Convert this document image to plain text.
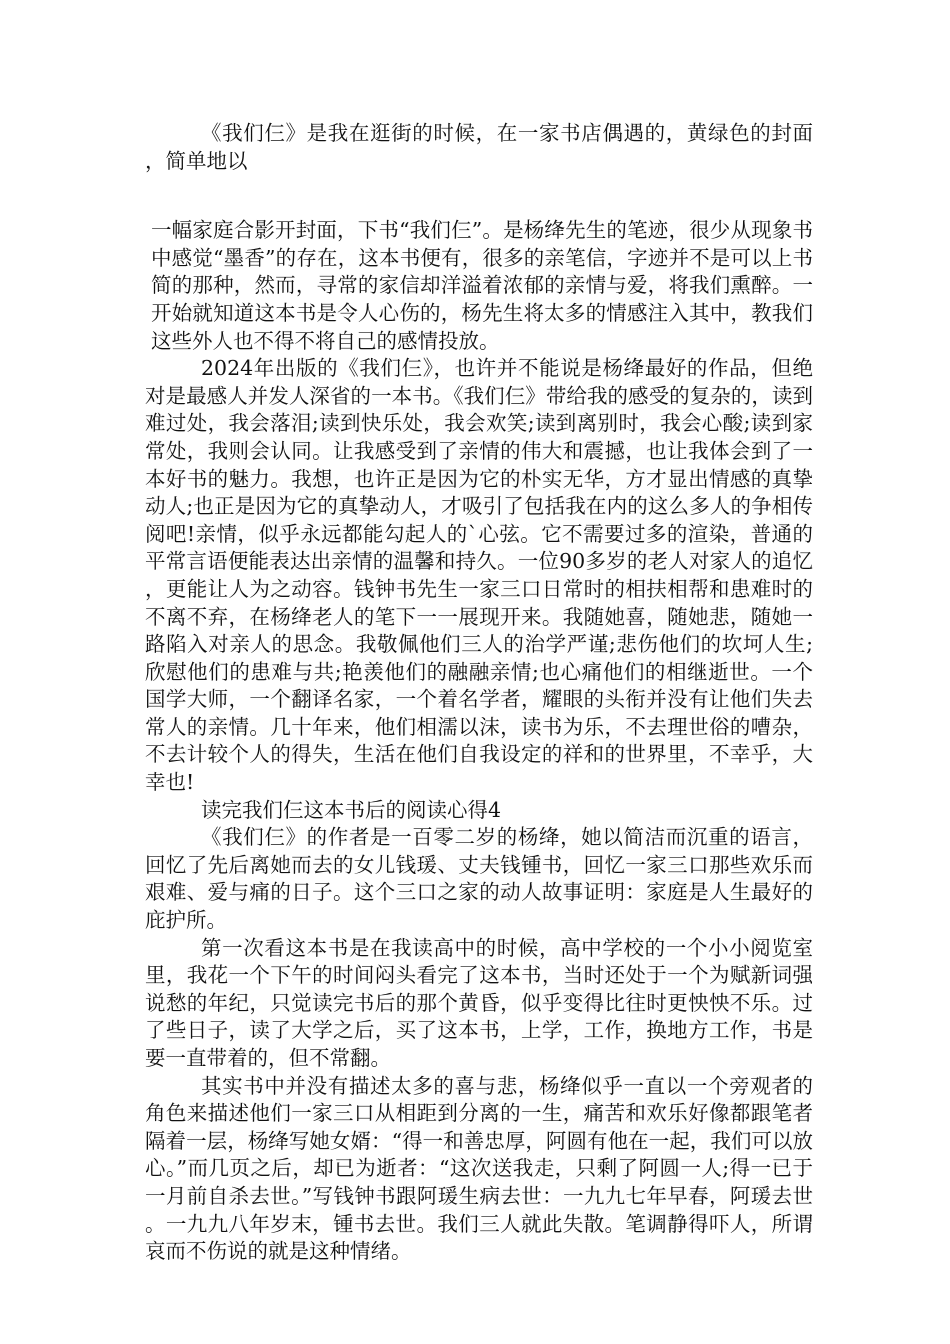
《我们仨》是我在逛街的时候，在一家书店偶遇的，黄绿色的封面，简单地以

一幅家庭合影开封面，下书“我们仨”。是杨绛先生的笔迹，很少从现象书中感觉“墨香”的存在，这本书便有，很多的亲笔信，字迹并不是可以上书简的那种，然而，寻常的家信却洋溢着浓郁的亲情与爱，将我们熏醉。一开始就知道这本书是令人心伤的，杨先生将太多的情感注入其中，教我们这些外人也不得不将自己的感情投放。

2024年出版的《我们仨》，也许并不能说是杨绛最好的作品，但绝对是最感人并发人深省的一本书。《我们仨》带给我的感受的复杂的，读到难过处，我会落泪;读到快乐处，我会欢笑;读到离别时，我会心酸;读到家常处，我则会认同。让我感受到了亲情的伟大和震撼，也让我体会到了一本好书的魅力。我想，也许正是因为它的朴实无华，方才显出情感的真挚动人;也正是因为它的真挚动人，才吸引了包括我在内的这么多人的争相传阅吧!亲情，似乎永远都能勾起人的`心弦。它不需要过多的渲染，普通的平常言语便能表达出亲情的温馨和持久。一位90多岁的老人对家人的追忆，更能让人为之动容。钱钟书先生一家三口日常时的相扶相帮和患难时的不离不弃，在杨绛老人的笔下一一展现开来。我随她喜，随她悲，随她一路陷入对亲人的思念。我敬佩他们三人的治学严谨;悲伤他们的坎坷人生;欣慰他们的患难与共;艳羡他们的融融亲情;也心痛他们的相继逝世。一个国学大师，一个翻译名家，一个着名学者，耀眼的头衔并没有让他们失去常人的亲情。几十年来，他们相濡以沫，读书为乐，不去理世俗的嘈杂，不去计较个人的得失，生活在他们自我设定的祥和的世界里，不幸乎，大幸也!

读完我们仨这本书后的阅读心得4

《我们仨》的作者是一百零二岁的杨绛，她以简洁而沉重的语言，回忆了先后离她而去的女儿钱瑗、丈夫钱锺书，回忆一家三口那些欢乐而艰难、爱与痛的日子。这个三口之家的动人故事证明：家庭是人生最好的庇护所。

第一次看这本书是在我读高中的时候，高中学校的一个小小阅览室里，我花一个下午的时间闷头看完了这本书，当时还处于一个为赋新词强说愁的年纪，只觉读完书后的那个黄昏，似乎变得比往时更怏怏不乐。过了些日子，读了大学之后，买了这本书，上学，工作，换地方工作，书是要一直带着的，但不常翻。

其实书中并没有描述太多的喜与悲，杨绛似乎一直以一个旁观者的角色来描述他们一家三口从相距到分离的一生，痛苦和欢乐好像都跟笔者隔着一层，杨绛写她女婿：“得一和善忠厚，阿圆有他在一起，我们可以放心。”而几页之后，却已为逝者：“这次送我走，只剩了阿圆一人;得一已于一月前自杀去世。”写钱钟书跟阿瑗生病去世：一九九七年早春，阿瑗去世。一九九八年岁末，锺书去世。我们三人就此失散。笔调静得吓人，所谓哀而不伤说的就是这种情绪。
